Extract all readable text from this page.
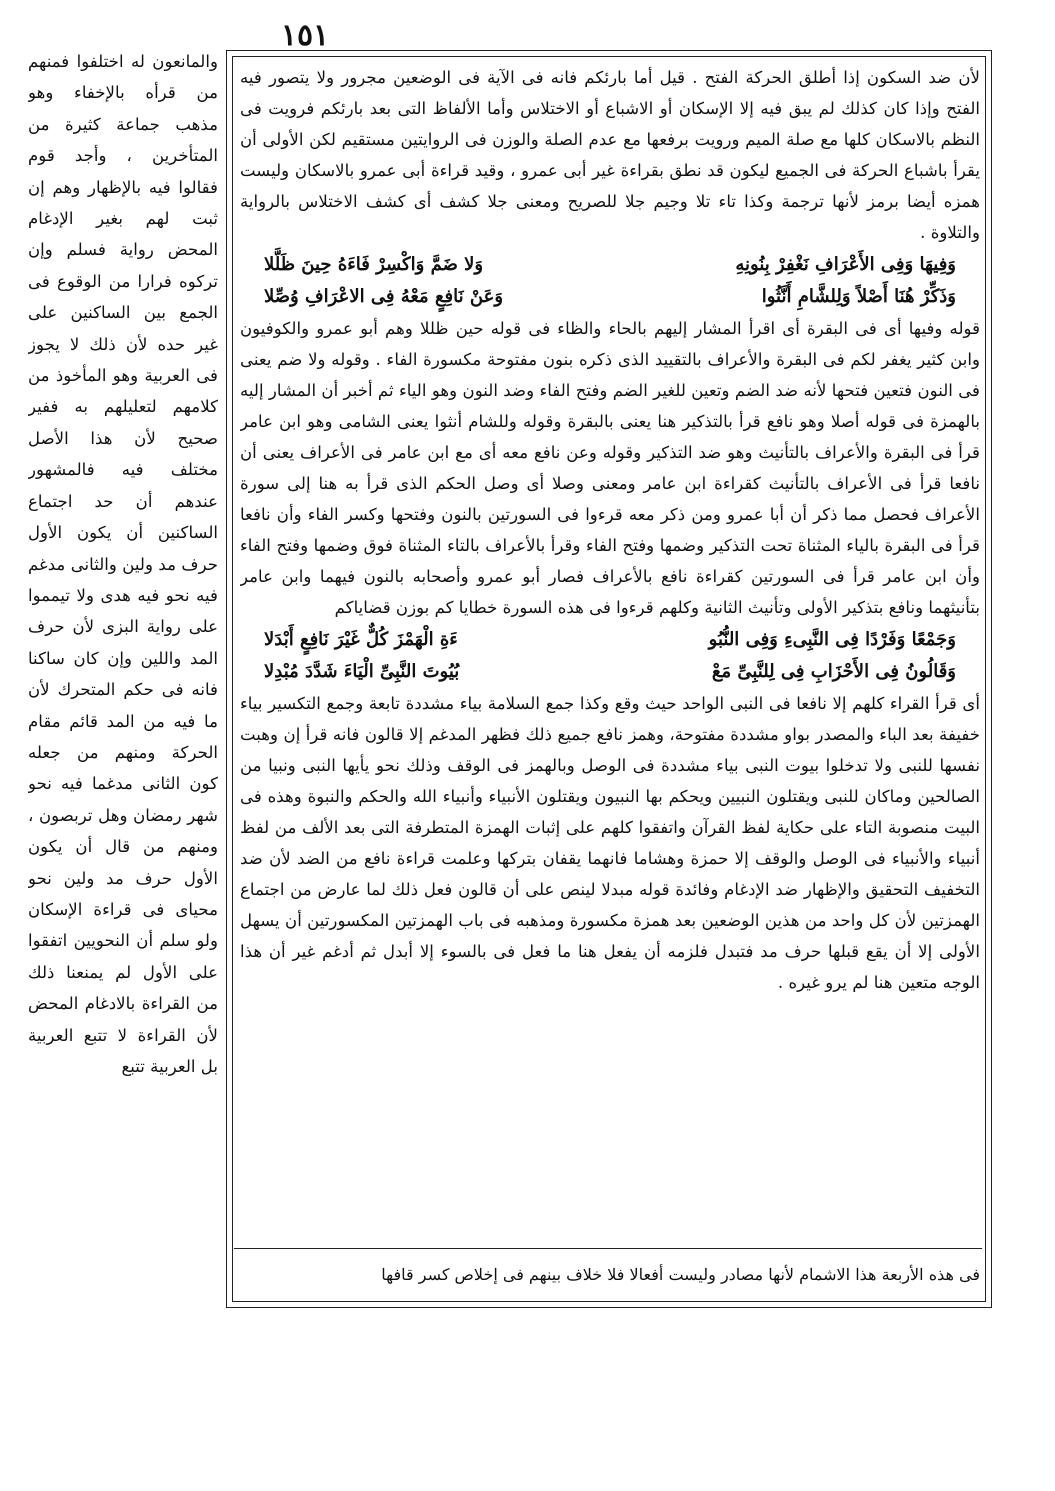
١٥١

لأن ضد السكون إذا أطلق الحركة الفتح . قيل أما بارئكم فانه فى الآية فى الوضعين مجرور ولا يتصور فيه الفتح وإذا كان كذلك لم يبق فيه إلا الإسكان أو الاشباع أو الاختلاس وأما الألفاظ التى بعد بارئكم فرويت فى النظم بالاسكان كلها مع صلة الميم ورويت برفعها مع عدم الصلة والوزن فى الروايتين مستقيم لكن الأولى أن يقرأ باشباع الحركة فى الجميع ليكون قد نطق بقراءة غير أبى عمرو ، وقيد قراءة أبى عمرو بالاسكان وليست همزه أيضا برمز لأنها ترجمة وكذا تاء تلا وجيم جلا للصريح ومعنى جلا كشف أى كشف الاختلاس بالرواية والتلاوة .

وَفِيهَا وَفِى الأَعْرَافِ نَغْفِرْ بِنُونِهِ
وَلا ضَمَّ وَاكْسِرْ فَاءَهُ حِينَ ظَلَّلا
وَذَكِّرْ هُنَا أَصْلاً وَلِلشَّامِ أَنَّثُوا
وَعَنْ نَافِعٍ مَعْهُ فِى الاعْرَافِ وُصِّلا

قوله وفيها أى فى البقرة أى اقرأ المشار إليهم بالحاء والظاء فى قوله حين ظللا وهم أبو عمرو والكوفيون وابن كثير يغفر لكم فى البقرة والأعراف بالتقييد الذى ذكره بنون مفتوحة مكسورة الفاء . وقوله ولا ضم يعنى فى النون فتعين فتحها لأنه ضد الضم وتعين للغير الضم وفتح الفاء وضد النون وهو الياء ثم أخبر أن المشار إليه بالهمزة فى قوله أصلا وهو نافع قرأ بالتذكير هنا يعنى بالبقرة وقوله وللشام أنثوا يعنى الشامى وهو ابن عامر قرأ فى البقرة والأعراف بالتأنيث وهو ضد التذكير وقوله وعن نافع معه أى مع ابن عامر فى الأعراف يعنى أن نافعا قرأ فى الأعراف بالتأنيث كقراءة ابن عامر ومعنى وصلا أى وصل الحكم الذى قرأ به هنا إلى سورة الأعراف فحصل مما ذكر أن أبا عمرو ومن ذكر معه قرءوا فى السورتين بالنون وفتحها وكسر الفاء وأن نافعا قرأ فى البقرة بالياء المثناة تحت التذكير وضمها وفتح الفاء وقرأ بالأعراف بالتاء المثناة فوق وضمها وفتح الفاء وأن ابن عامر قرأ فى السورتين كقراءة نافع بالأعراف فصار أبو عمرو وأصحابه بالنون فيهما وابن عامر بتأنيثهما ونافع بتذكير الأولى وتأنيث الثانية وكلهم قرءوا فى هذه السورة خطايا كم بوزن قضاياكم

وَجَمْعًا وَفَرْدًا فِى النَّبِىءِ وَفِى النُّبُو
ءَةِ الْهَمْزَ كُلٌّ غَيْرَ نَافِعٍ أَبْدَلا
وَقَالُونُ فِى الأَحْزَابِ فِى لِلنَّبِىِّ مَعْ
بُيُوتَ النَّبِىِّ الْيَاءَ شَدَّدَ مُبْدِلا

أى قرأ القراء كلهم إلا نافعا فى النبى الواحد حيث وقع وكذا جمع السلامة بياء مشددة تابعة وجمع التكسير بياء خفيفة بعد الباء والمصدر بواو مشددة مفتوحة، وهمز نافع جميع ذلك فظهر المدغم إلا قالون فانه قرأ إن وهبت نفسها للنبى ولا تدخلوا بيوت النبى بياء مشددة فى الوصل وبالهمز فى الوقف وذلك نحو يأيها النبى ونبيا من الصالحين وماكان للنبى ويقتلون النبيين ويحكم بها النبيون ويقتلون الأنبياء وأنبياء الله والحكم والنبوة وهذه فى البيت منصوبة التاء على حكاية لفظ القرآن واتفقوا كلهم على إثبات الهمزة المتطرفة التى بعد الألف من لفظ أنبياء والأنبياء فى الوصل والوقف إلا حمزة وهشاما فانهما يقفان بتركها وعلمت قراءة نافع من الضد لأن ضد التخفيف التحقيق والإظهار ضد الإدغام وفائدة قوله مبدلا لينص على أن قالون فعل ذلك لما عارض من اجتماع الهمزتين لأن كل واحد من هذين الوضعين بعد همزة مكسورة ومذهبه فى باب الهمزتين المكسورتين أن يسهل الأولى إلا أن يقع قبلها حرف مد فتبدل فلزمه أن يفعل هنا ما فعل فى بالسوء إلا أبدل ثم أدغم غير أن هذا الوجه متعين هنا لم يرو غيره .

فى هذه الأربعة هذا الاشمام لأنها مصادر وليست أفعالا فلا خلاف بينهم فى إخلاص كسر قافها

والمانعون له اختلفوا فمنهم من قرأه بالإخفاء وهو مذهب جماعة كثيرة من المتأخرين ، وأجد قوم فقالوا فيه بالإظهار وهم إن ثبت لهم بغير الإدغام المحض رواية فسلم وإن تركوه فرارا من الوقوع فى الجمع بين الساكنين على غير حده لأن ذلك لا يجوز فى العربية وهو المأخوذ من كلامهم لتعليلهم به ففير صحيح لأن هذا الأصل مختلف فيه فالمشهور عندهم أن حد اجتماع الساكنين أن يكون الأول حرف مد ولين والثانى مدغم فيه نحو فيه هدى ولا تيمموا على رواية البزى لأن حرف المد واللين وإن كان ساكنا فانه فى حكم المتحرك لأن ما فيه من المد قائم مقام الحركة ومنهم من جعله كون الثانى مدغما فيه نحو شهر رمضان وهل تربصون ، ومنهم من قال أن يكون الأول حرف مد ولين نحو محياى فى قراءة الإسكان ولو سلم أن النحويين اتفقوا على الأول لم يمنعنا ذلك من القراءة بالادغام المحض لأن القراءة لا تتبع العربية بل العربية تتبع
